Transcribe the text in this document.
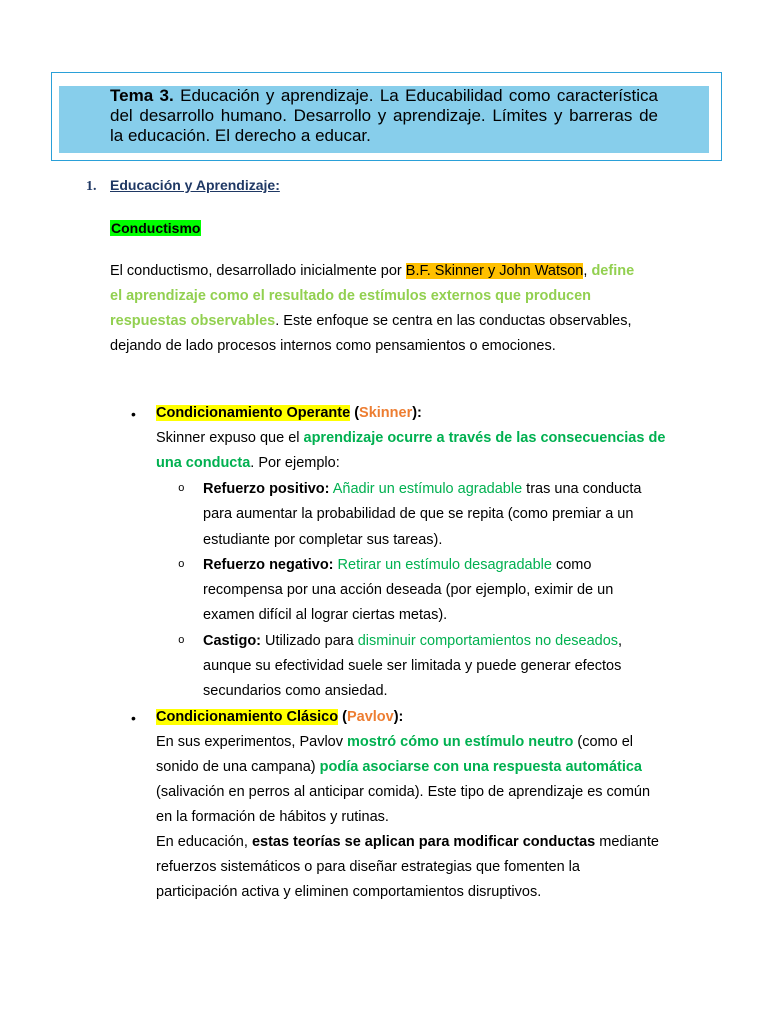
Tema 3. Educación y aprendizaje. La Educabilidad como característica del desarrollo humano. Desarrollo y aprendizaje. Límites y barreras de la educación. El derecho a educar.
1. Educación y Aprendizaje:
Conductismo
El conductismo, desarrollado inicialmente por B.F. Skinner y John Watson, define el aprendizaje como el resultado de estímulos externos que producen respuestas observables. Este enfoque se centra en las conductas observables, dejando de lado procesos internos como pensamientos o emociones.
• Condicionamiento Operante (Skinner):
Skinner expuso que el aprendizaje ocurre a través de las consecuencias de una conducta. Por ejemplo:
o Refuerzo positivo: Añadir un estímulo agradable tras una conducta para aumentar la probabilidad de que se repita (como premiar a un estudiante por completar sus tareas).
o Refuerzo negativo: Retirar un estímulo desagradable como recompensa por una acción deseada (por ejemplo, eximir de un examen difícil al lograr ciertas metas).
o Castigo: Utilizado para disminuir comportamientos no deseados, aunque su efectividad suele ser limitada y puede generar efectos secundarios como ansiedad.
• Condicionamiento Clásico (Pavlov):
En sus experimentos, Pavlov mostró cómo un estímulo neutro (como el sonido de una campana) podía asociarse con una respuesta automática (salivación en perros al anticipar comida). Este tipo de aprendizaje es común en la formación de hábitos y rutinas.
En educación, estas teorías se aplican para modificar conductas mediante refuerzos sistemáticos o para diseñar estrategias que fomenten la participación activa y eliminen comportamientos disruptivos.
